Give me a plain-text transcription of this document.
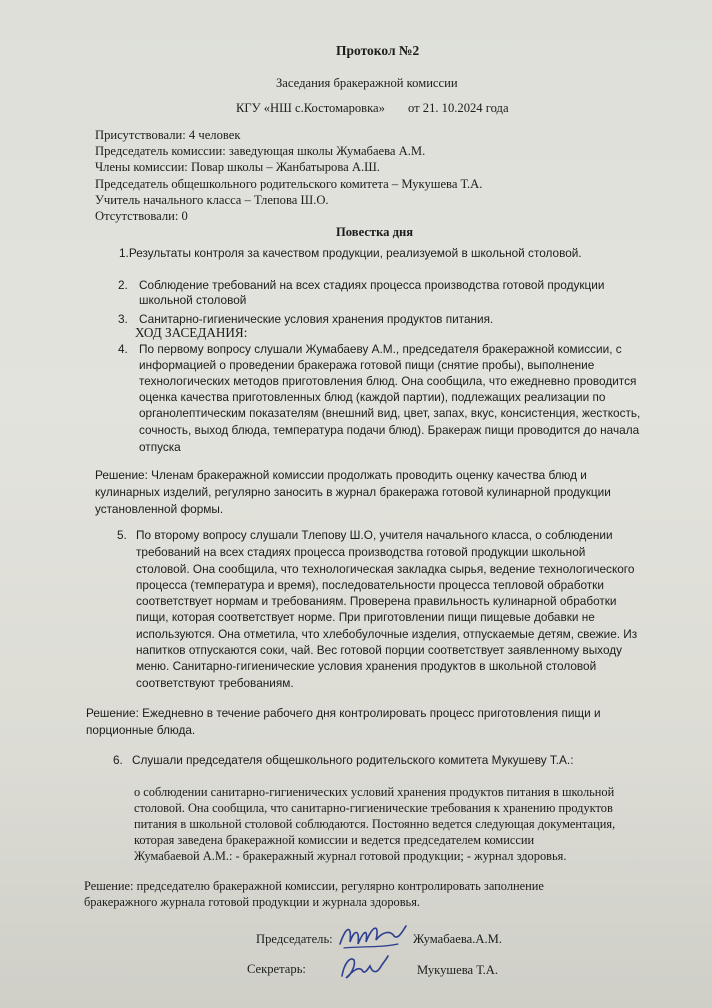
Протокол №2
Заседания бракеражной комиссии
КГУ «НШ с.Костомаровка» от 21. 10.2024 года
Присутствовали: 4 человек
Председатель комиссии: заведующая школы Жумабаева А.М.
Члены комиссии: Повар школы – Жанбатырова А.Ш.
Председатель общешкольного родительского комитета – Мукушева Т.А.
Учитель начального класса – Тлепова Ш.О.
Отсутствовали: 0
Повестка дня
1.Результаты контроля за качеством продукции, реализуемой в школьной столовой.
2. Соблюдение требований на всех стадиях процесса производства готовой продукции
школьной столовой
3. Санитарно-гигиенические условия хранения продуктов питания.
ХОД ЗАСЕДАНИЯ:
4. По первому вопросу слушали Жумабаеву А.М., председателя бракеражной комиссии, с
информацией о проведении бракеража готовой пищи (снятие пробы), выполнение
технологических методов приготовления блюд. Она сообщила, что ежедневно проводится
оценка качества приготовленных блюд (каждой партии), подлежащих реализации по
органолептическим показателям (внешний вид, цвет, запах, вкус, консистенция, жесткость,
сочность, выход блюда, температура подачи блюд). Бракераж пищи проводится до начала
отпуска
Решение: Членам бракеражной комиссии продолжать проводить оценку качества блюд и
кулинарных изделий, регулярно заносить в журнал бракеража готовой кулинарной продукции
установленной формы.
5. По второму вопросу слушали Тлепову Ш.О, учителя начального класса, о соблюдении
требований на всех стадиях процесса производства готовой продукции школьной
столовой. Она сообщила, что технологическая закладка сырья, ведение технологического
процесса (температура и время), последовательности процесса тепловой обработки
соответствует нормам и требованиям. Проверена правильность кулинарной обработки
пищи, которая соответствует норме. При приготовлении пищи пищевые добавки не
используются. Она отметила, что хлебобулочные изделия, отпускаемые детям, свежие. Из
напитков отпускаются соки, чай. Вес готовой порции соответствует заявленному выходу
меню. Санитарно-гигиенические условия хранения продуктов в школьной столовой
соответствуют требованиям.
Решение: Ежедневно в течение рабочего дня контролировать процесс приготовления пищи и
порционные блюда.
6. Слушали председателя общешкольного родительского комитета Мукушеву Т.А.:
о соблюдении санитарно-гигиенических условий хранения продуктов питания в школьной
столовой. Она сообщила, что санитарно-гигиенические требования к хранению продуктов
питания в школьной столовой соблюдаются. Постоянно ведется следующая документация,
которая заведена бракеражной комиссии и ведется председателем комиссии
Жумабаевой А.М.: - бракеражный журнал готовой продукции; - журнал здоровья.
Решение: председателю бракеражной комиссии, регулярно контролировать заполнение
бракеражного журнала готовой продукции и журнала здоровья.
Председатель:	Жумабаева.А.М.
Секретарь:	Мукушева Т.А.
